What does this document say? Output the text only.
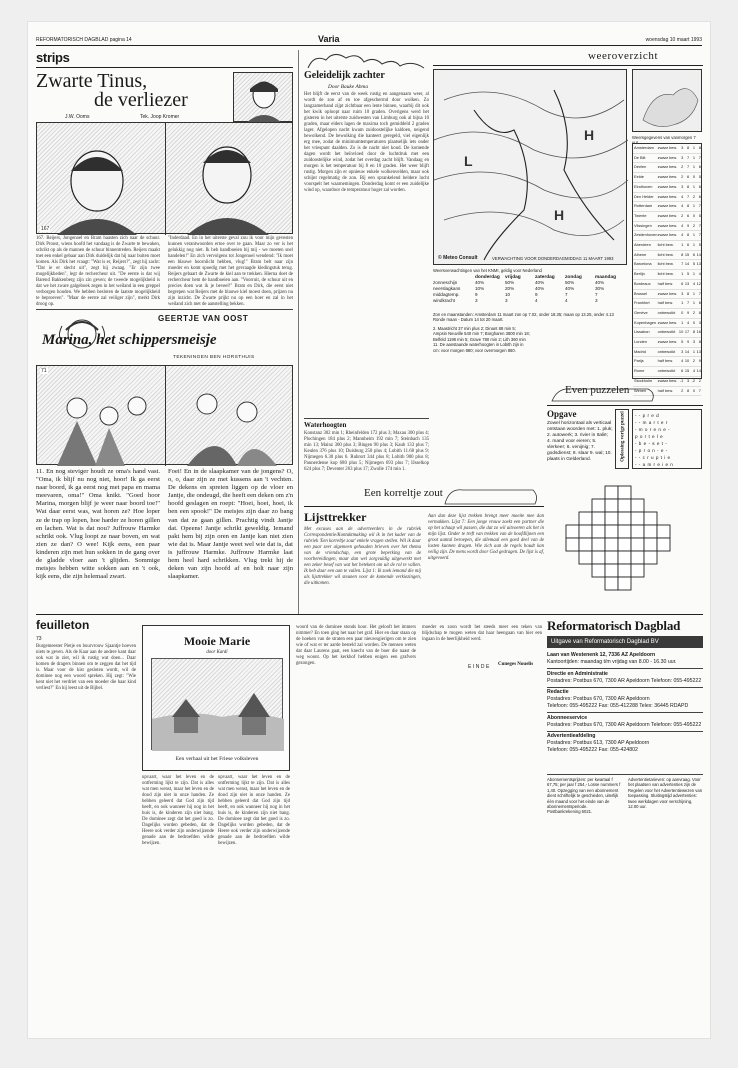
REFORMATORISCH DAGBLAD pagina 14	Varia	woensdag 10 maart 1993
strips
Zwarte Tinus,
de verliezer
J.W. Ooms	Tek. Joop Kromer
167
167. Reijers, Jongenoel en Bram haasten zich naar de schuur. Dirk Proost, wiens hoofd het vandaag is de Zwarte te bewaken, schrikt op als de mannen de schuur binnentreden. Reijers maakt met een enkel gebaar aan Dirk duidelijk dat hij naar buiten moet komen. Als Dirk het vraagt: "Wat is er, Reijers?", zegt hij zacht: "Dat ie er slecht uit", zegt hij zwaag. "Er zijn twee mogelijkheden", legt de rechercheur uit. "De eerste is dat wij Barend Bakkenberg zijn zin geven; de tweede mogelijkheid is dat we het zware galgeboek zegen in het weiland in een greppel verborgen houden. We hebben besloten de laatste mogelijkheid te beproeven". "Maar de eerste zal veiliger zijn", merkt Dirk droog op.
"Inderdaad. En in het uiterste geval zou ik voor mijn gevesten kunnen verantwoorden ertoe over te gaan. Maar zo ver is het gelukkig nog niet. Ik heb handboeien bij mij - we moeten snel handelen!" En zich vervolgens tot Jongenoel wendend: "Ik moet een blauwe hoornlicht hebben, vlug!" Bram belt naar zijn moeder en komt spoedig met het gevraagde kledingstuk terug. Reijers gebaart de Zwarte de kiel aan te trekken. Hierna doet de rechercheur hem de handboeien aan. "Voorruit, de schuur uit en precies doen wat ik je beveel!" Bram en Dirk, die eerst niet begrepen wat Reijers met de blauwe kiel moest doen, prijzen nu zijn inzicht. De Zwarte prijkt nu op een hoer en zal in het weiland zich met de aanstelling bekken.
GEERTJE VAN OOST
Marina, het schippersmeisje
TEKENINGEN BEN HORSTHUIS
71
11. En nog steviger houdt ze oma's hand vast. "Oma, ik blijf nu nog niet, hoor! Ik ga eerst naar boord, ik ga eerst nog met papa en mama meevaren, oma!" Oma knikt. "Goed hoor Marina, morgen blijf je weer naar boord toe!" Wat daar eerst was, wat horen ze? Hoe loper ze de trap op lopen, hoe harder ze horen gillen en lachen. Wat is dat nou? Juffrouw Harmke schrikt ook. Vlug loopt ze naar boven, en wat zien ze dan? O wee! Kijk eens, een paar kinderen zijn met hun sokken in de gang over de gladde vloer aan 't glijden. Sommige meisjes hebben witte sokken aan en 't ook, kijk eens, die zijn helemaal zwart.
Foei! En in de slaapkamer van de jongens? O, o, o, daar zijn ze met kussens aan 't vechten. De dekens en spreien liggen op de vloer en Jantje, die ondeugd, die heeft een deken om z'n hoofd geslagen en roept: "Hoei, hoei, hoei, ik ben een spook!" De meisjes zijn daar zo bang van dat ze gaan gillen. Prachtig vindt Jantje dat. Opeens! Jantje schrikt geweldig. Iemand pakt hem bij zijn oren en Jantje kan niet zien wie dat is. Maar Jantje weet wel wie dat is, dat is juffrouw Harmke. Juffrouw Harmke laat hem heel hard schrikken. Vlug trekt hij de deken van zijn hoofd af en holt naar zijn slaapkamer.
Geleidelijk zachter
Door Bauke Abma
Het blijft de eerst van de week rustig en aangenaam weer, al wordt de zon af en toe afgeschermd door wolken. Zo langzamerhand zijpt zichtbaar een lente binnen, waarbij dit ook het kwik oploopt naar ruim 10 graden. Overigens werd het gisteren in het uiterste zuidwesten van Limburg ook al bijna 10 graden, maar elders lagen de maxima toch gemiddeld 2 graden lager. Afgelopen nacht kwam zuidoostelijke kaldoen, neigend bewolkend. De bewolking die hanteert geregeld, viel eigenlijk erg mee, zodat de minimumtemperaturen plaatselijk iets onder het vriespunt daalden. Zo is de nacht niet koud. De komende dagen wordt het beïnvloed door de luchtdruk met een zuidoostelijke wind, zodat het overdag zacht blijft. Vandaag en morgen is het temperatuur bij 8 en 10 graden. Het weer blijft rustig. Morgen zijn er opnieuw enkele wolkenvelden, maar ook schijnt regelmatig de zon. Bij een sprankelend heldere lucht voorspelt het waarnemingen. Donderdag komt er een zuidelijke wind op, waardoor de temperatuur hoger zal worden.
Waterhoogten
Konstanz 302 min 1; Rheinfelden 172 plus 3; Maxau 300 plus 4; Plochingen 184 plus 2; Mannheim 192 min 7; Steinbach 135 min 13; Mainz 300 plus 3; Bingen 90 plus 3; Kaub 133 plus 7; Keulen 376 plus 10; Duisburg 250 plus 4; Lobith 11.68 plus 9; Nijmegen 6.30 plus 6. Ruhrort 344 plus 8; Lobith 900 plus 8; Pannerdense kop 680 plus 5; Nijmegen 693 plus 7; IJsselkop 624 plus 7; Deventer 263 plus 17; Zwolle 174 min 1.
weeroverzicht
L
H
H
© Meteo Consult	VERWACHTING VOOR DONDERDAGMIDDAG 11 MAART 1993
Weersgegevens van vanmorgen 7 uur
Amsterdam zwaar bew.	3 8 1 8
De Bilt	zwaar bew.	3 7 1 7
Deelen	zwaar bew.	2 7 1 6
Eelde	zwaar bew.	2 6 0 5
Eindhoven	zwaar bew.	3 8 1 6
Den Helder	zwaar bew.	4 7 2 6
Rotterdam	zwaar bew.	4 8 1 7
Twente	zwaar bew.	2 6 0 5
Vlissingen	zwaar bew.	4 9 2 7
Zestienhoven zwaar bew.	4 8 1 7
Aberdeen	licht bew.	1 6 1 5
Athene	licht bew.	8 15 6 14
Barcelona	licht bew.	7 14 5 13
Berlijn	licht bew.	1 5 1 4
Bordeaux	half bew.	6 13 4 12
Brussel	zwaar bew.	3 8 1 7
Frankfort	half bew.	1 7 1 6
Genève	onbewolkt	0 9 2 8
Kopenhagen zwaar bew.	1 4 0 3
Lissabon	onbewolkt 10 17 8 16
Londen	zwaar bew.	5 9 3 8
Madrid	onbewolkt	3 14 1 13
Parijs	half bew.	4 10 2 9
Rome	onbewolkt	6 15 4 14
Stockholm	zwaar bew. -1 3 -2 2
Wenen	half bew.	2 8 0 7
Weersverwachtingen van het KNMI, geldig voor Nederland
donderdag	vrijdag	zaterdag	zondag	maandag
zonneschijn	40%	50%	40%	50%	40%
neerslagkans	10%	20%	40%	40%	30%
middagtemp.	9	10	9	7	7
windkracht	3	3	4	4	3
Zon en maanstanden: Amsterdam 11 maart zon op 7.02, onder 18.35; maan op 13.25, onder 4.13 Ronde maan - Datum 14 tot 20 maart.
2. Maastricht 37 min plus 2; Dinant 88 min 5; Ampsin Neuville 540 min 7; Borgharen 3800 min 18; Belfeld 1198 min 5; Grave 780 min 2; Lith 360 min 11. De aanstaande waterhoogten in Lobith zijn in cm: voor morgen 880; voor overmorgen 860.
Even puzzelen
Opgave
Zowel horizontaal als verticaal ontstaan woorden met: 1. pluk; 2. autowerk; 3. rivier in Italië; 4. mand voor eieren; 5. vlerkeer; 6. venijnig; 7. godsdienst; 8. slaar 9. wal; 10. plaats in Gelderland.	Oplossing vorige puzzel - - p r e d
- - m a r t e r
- m o r e n e -
p o r t e l e
- b e - s e t -
- p r o n - e -
- - c r u p t i e
- - a m r e i e n
Een korreltje zout
Lijsttrekker
Met excuses aan de adverteerders in de rubriek Correspondentie/Kontaktmaking wil ik in het kader van de rubriek 'Een korreltje zout' enkele vragen stellen. Wil ik daar een paar zeer algemeen gehouden brieven over het thema van de vriendschap, een grote beperking van de voorbereidingen, maar dan wel zorgvuldig uitgewerkt met een zeker besef van wat het betekent om uit de rol te vallen. Ik heb daar een aan te vullen. Lijst 1: Ik zoek iemand die mij als lijsttrekker wil steunen voor de komende verkiezingen, die uitkomen.
Aan dan deze lijst trekken brengt meer moeite mee dan vermakken. Lijst 7: Een jonge vrouw zoekt een partner die op het schaap wil passen, die dat zo wil uitvoeren als het in mijn lijst. Onder te treft van trekken van de hoofdlijnen een groot aantal beroepen, die allemaal een goed deel van de lasten kunnen dragen. Wie zich aan de regels houdt kan veilig zijn. De mens wordt door God gedragen. De lijst is af, uitgevoerd.
Cuneges Nouelis
feuilleton
73
Burgemeester Pietje en buurvrouw Sjaantje hoeven niets te geven. Als de Kaar aan de andere kant daar ook wat in ziet, wil ik rustig wat doen... Daar komen de dragers binnen om te zeggen dat het tijd is. Maar voor de kist gesloten wordt, wil de dominee nog een woord spreken. Hij zegt: "Wie kent niet het verdriet van een moeder die haar kind verliest?" En hij leest uit de Bijbel.
Mooie Marie
door Kardi
Een verhaal uit het Friese volksleven
upvaart, waar het leven en de ontferming lijkt te zijn. Dat is alles wat men wenst, maar het leven en de dood zijn niet in onze handen. Ze hebben geleerd dat God zijn tijd heeft, en ook wanneer hij nog in het huis is, de kinderen zijn niet bang. De dominee zegt dat het goed is zo. Dagelijks worden gebeden, dat de Heere ook verder zijn onderwijzende genade aan de bedroefden wilde bewijzen.
upvaart, waar het leven en de ontferming lijkt te zijn. Dat is alles wat men wenst, maar het leven en de dood zijn niet in onze handen. Ze hebben geleerd dat God zijn tijd heeft, en ook wanneer hij nog in het huis is, de kinderen zijn niet bang. De dominee zegt dat het goed is zo. Dagelijks worden gebeden, dat de Heere ook verder zijn onderwijzende genade aan de bedroefden wilde bewijzen.
woord van de dominee stonds hoor. Het gelooft het immers nimmer? En toen ging het naar het graf. Hier en daar staan op de hoeken van de straten een paar nieuwsgierigen om te zien wie of wat er ter aarde besteld zal worden. De mensen weten dat daar Laurens gaat, een knecht van de boer die naast de weg woont. Op het kerkhof hebben enigen een grafvers gezongen.
moeder en zoon wordt het steeds meer een teken van blijdschap te mogen weten dat haar heengaan van hier een ingaan in de heerlijkheid werd.
EINDE
Reformatorisch Dagblad
Uitgave van Reformatorisch Dagblad BV
Laan van Westenenk 12, 7336 AZ Apeldoorn
Kantoortijden: maandag t/m vrijdag van 8.00 - 16.30 uur.
Directie en Administratie
Postadres: Postbus 670, 7300 AR Apeldoorn Telefoon: 055-495222
Redactie
Postadres: Postbus 670, 7300 AR Apeldoorn
Telefoon: 055-495222 Fax: 055-412288 Telex: 36445 RDAPD
Abonneeservice
Postadres: Postbus 670, 7300 AR Apeldoorn Telefoon: 055-495222
Advertentieafdeling
Postadres: Postbus 613, 7300 AP Apeldoorn
Telefoon: 055-495222 Fax: 055-424802
Abonnementsprijzen: per kwartaal f 67,75; per jaar f 254,- Losse nummers f 1,40. Opzegging van een abonnement dient schriftelijk te geschieden, uiterlijk één maand voor het einde van de abonnementsperiode. Postbankrekening 6021.
Advertentietarieven: op aanvraag. Voor het plaatsen van advertenties zijn de Regelen voor het Advertentiewezen van toepassing. Sluitingstijd advertenties: twee werkdagen voor verschijning, 12.00 uur.
